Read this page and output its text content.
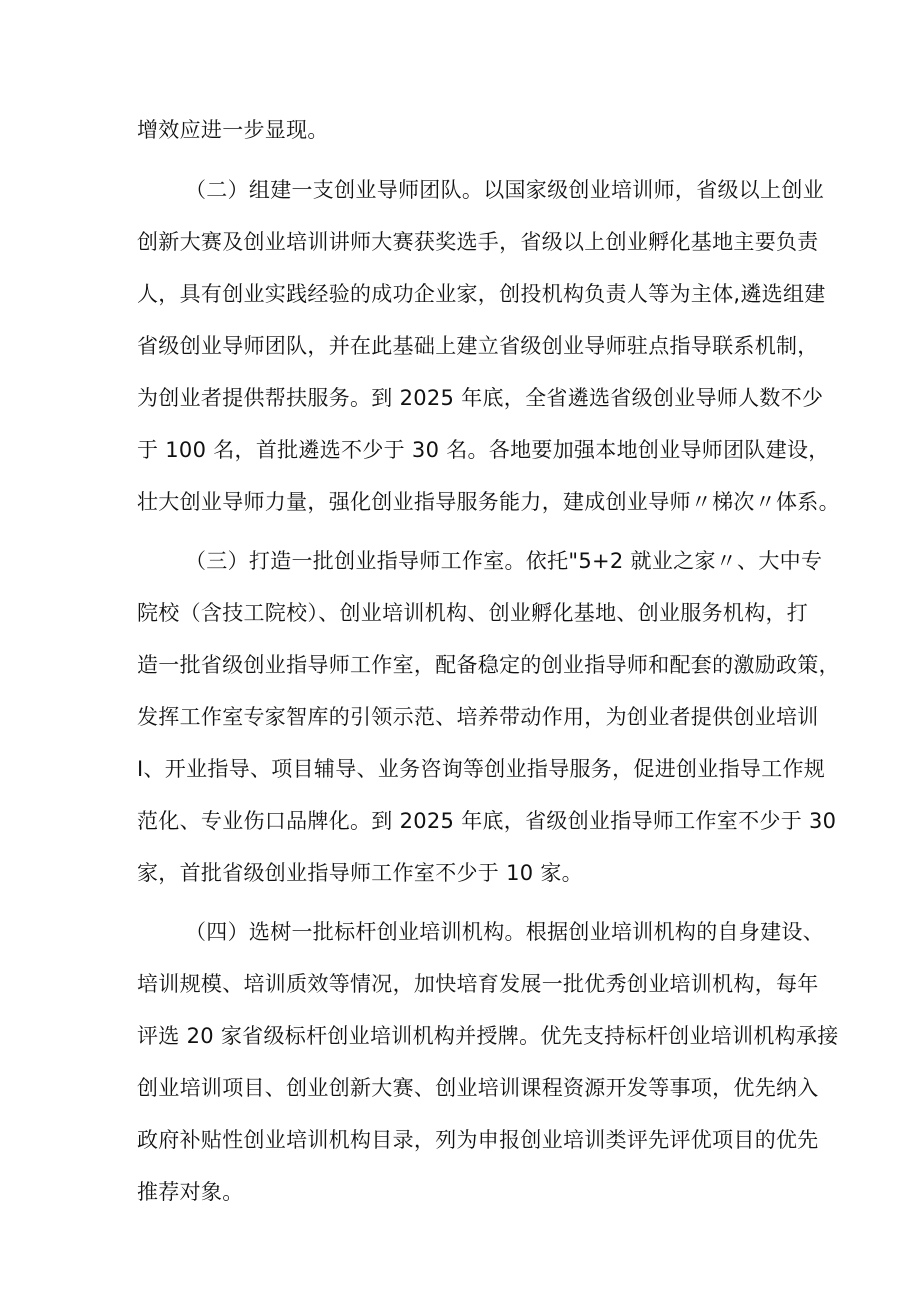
增效应进一步显现。
（二）组建一支创业导师团队。以国家级创业培训师，省级以上创业
创新大赛及创业培训讲师大赛获奖选手，省级以上创业孵化基地主要负责
人，具有创业实践经验的成功企业家，创投机构负责人等为主体,遴选组建
省级创业导师团队，并在此基础上建立省级创业导师驻点指导联系机制，
为创业者提供帮扶服务。到 2025 年底，全省遴选省级创业导师人数不少
于 100 名，首批遴选不少于 30 名。各地要加强本地创业导师团队建设，
壮大创业导师力量，强化创业指导服务能力，建成创业导师〃梯次〃体系。
（三）打造一批创业指导师工作室。依托"5+2 就业之家〃、大中专
院校（含技工院校）、创业培训机构、创业孵化基地、创业服务机构，打
造一批省级创业指导师工作室，配备稳定的创业指导师和配套的激励政策，
发挥工作室专家智库的引领示范、培养带动作用，为创业者提供创业培训
I、开业指导、项目辅导、业务咨询等创业指导服务，促进创业指导工作规
范化、专业伤口品牌化。到 2025 年底，省级创业指导师工作室不少于 30
家，首批省级创业指导师工作室不少于 10 家。
（四）选树一批标杆创业培训机构。根据创业培训机构的自身建设、
培训规模、培训质效等情况，加快培育发展一批优秀创业培训机构，每年
评选 20 家省级标杆创业培训机构并授牌。优先支持标杆创业培训机构承接
创业培训项目、创业创新大赛、创业培训课程资源开发等事项，优先纳入
政府补贴性创业培训机构目录，列为申报创业培训类评先评优项目的优先
推荐对象。
